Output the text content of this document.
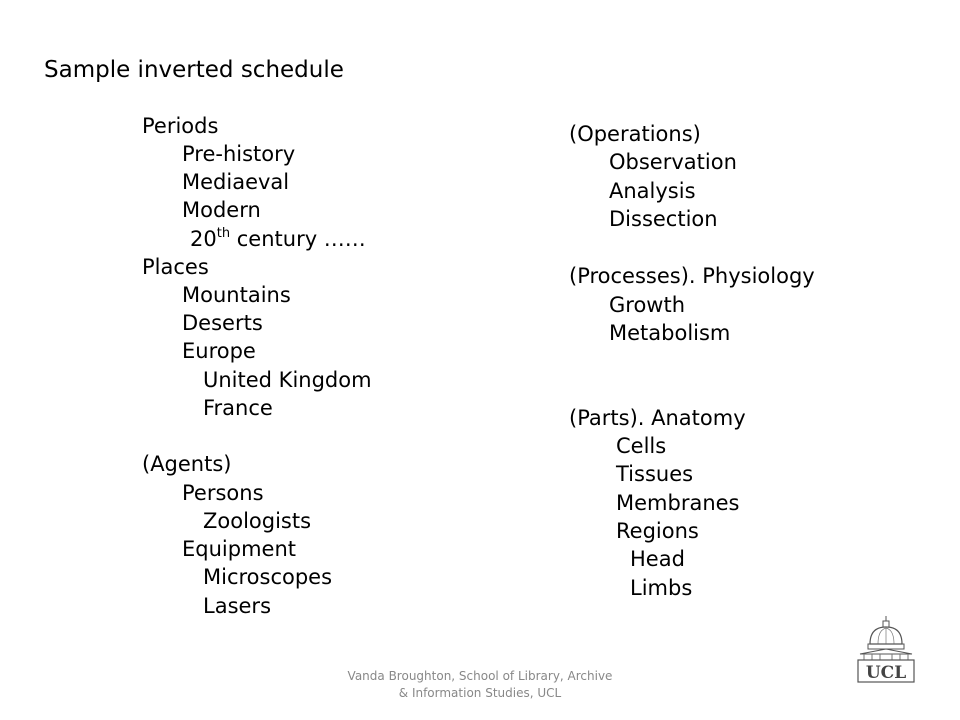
Sample inverted schedule
Periods
Pre-history
Mediaeval
Modern
20th century ……
Places
Mountains
Deserts
Europe
United Kingdom
France
(Agents)
Persons
Zoologists
Equipment
Microscopes
Lasers
(Operations)
Observation
Analysis
Dissection
(Processes). Physiology
Growth
Metabolism
(Parts). Anatomy
Cells
Tissues
Membranes
Regions
Head
Limbs
Vanda Broughton, School of Library, Archive
& Information Studies, UCL
UCL
